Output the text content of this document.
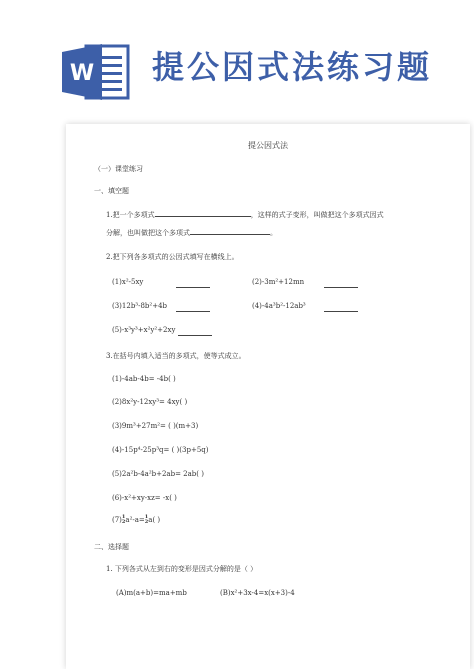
W 提公因式法练习题
提公因式法
（一）课堂练习
一、填空题
1.把一个多项式	，这样的式子变形，叫做把这个多项式因式
分解，也叫做把这个多项式	。
2.把下列各多项式的公因式填写在横线上。
(1)x²-5xy	(2)-3m²+12mn
(3)12b³-8b²+4b	(4)-4a³b²-12ab³
(5)-x³y³+x²y²+2xy
3.在括号内填入适当的多项式，使等式成立。
(1)-4ab-4b= -4b( )
(2)8x²y-12xy³= 4xy( )
(3)9m³+27m²= ( )(m+3)
(4)-15p⁴-25p³q= ( )(3p+5q)
(5)2a²b-4a²b+2ab= 2ab( )
(6)-x²+xy-xz= -x( )
(7)1
2a²-a=1
2a( )
二、选择题
1. 下列各式从左到右的变形是因式分解的是（ ）
(A)m(a+b)=ma+mb	(B)x²+3x-4=x(x+3)-4
